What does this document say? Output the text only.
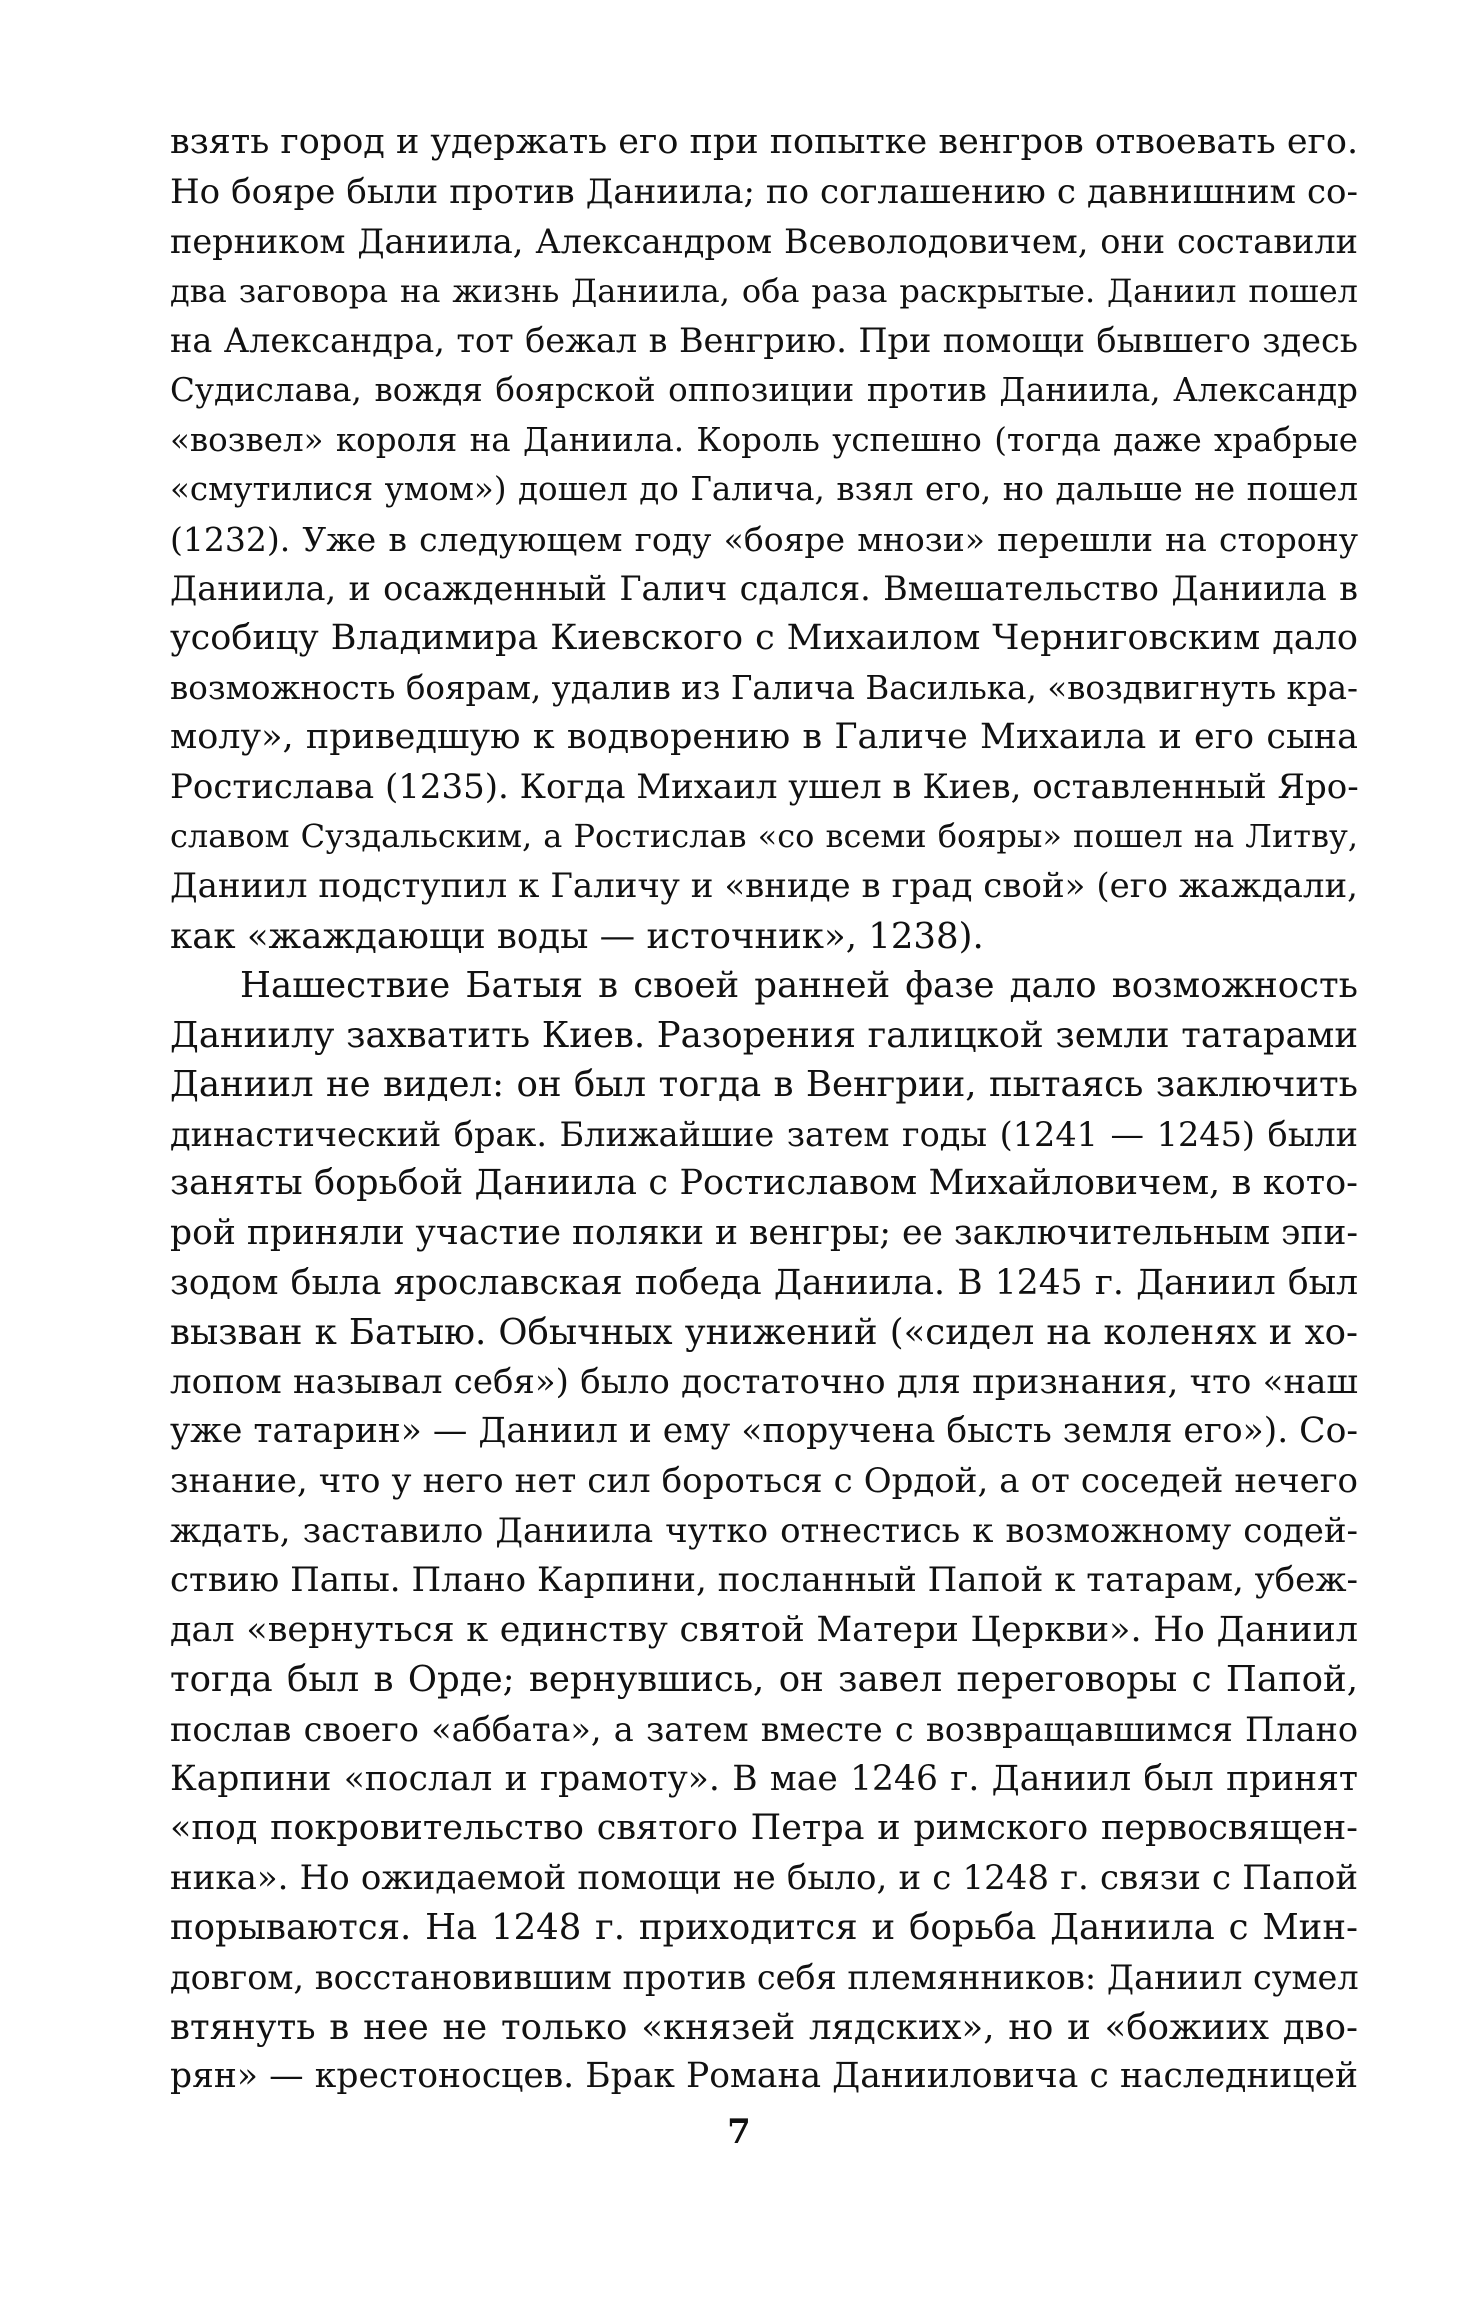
взять город и удержать его при попытке венгров отвоевать его.
Но бояре были против Даниила; по соглашению с давнишним со-
перником Даниила, Александром Всеволодовичем, они составили
два заговора на жизнь Даниила, оба раза раскрытые. Даниил пошел
на Александра, тот бежал в Венгрию. При помощи бывшего здесь
Судислава, вождя боярской оппозиции против Даниила, Александр
«возвел» короля на Даниила. Король успешно (тогда даже храбрые
«смутилися умом») дошел до Галича, взял его, но дальше не пошел
(1232). Уже в следующем году «бояре мнози» перешли на сторону
Даниила, и осажденный Галич сдался. Вмешательство Даниила в
усобицу Владимира Киевского с Михаилом Черниговским дало
возможность боярам, удалив из Галича Василька, «воздвигнуть кра-
молу», приведшую к водворению в Галиче Михаила и его сына
Ростислава (1235). Когда Михаил ушел в Киев, оставленный Яро-
славом Суздальским, а Ростислав «со всеми бояры» пошел на Литву,
Даниил подступил к Галичу и «вниде в град свой» (его жаждали,
как «жаждающи воды — источник», 1238).
Нашествие Батыя в своей ранней фазе дало возможность
Даниилу захватить Киев. Разорения галицкой земли татарами
Даниил не видел: он был тогда в Венгрии, пытаясь заключить
династический брак. Ближайшие затем годы (1241 — 1245) были
заняты борьбой Даниила с Ростиславом Михайловичем, в кото-
рой приняли участие поляки и венгры; ее заключительным эпи-
зодом была ярославская победа Даниила. В 1245 г. Даниил был
вызван к Батыю. Обычных унижений («сидел на коленях и хо-
лопом называл себя») было достаточно для признания, что «наш
уже татарин» — Даниил и ему «поручена бысть земля его»). Со-
знание, что у него нет сил бороться с Ордой, а от соседей нечего
ждать, заставило Даниила чутко отнестись к возможному содей-
ствию Папы. Плано Карпини, посланный Папой к татарам, убеж-
дал «вернуться к единству святой Матери Церкви». Но Даниил
тогда был в Орде; вернувшись, он завел переговоры с Папой,
послав своего «аббата», а затем вместе с возвращавшимся Плано
Карпини «послал и грамоту». В мае 1246 г. Даниил был принят
«под покровительство святого Петра и римского первосвящен-
ника». Но ожидаемой помощи не было, и с 1248 г. связи с Папой
порываются. На 1248 г. приходится и борьба Даниила с Мин-
довгом, восстановившим против себя племянников: Даниил сумел
втянуть в нее не только «князей лядских», но и «божиих дво-
рян» — крестоносцев. Брак Романа Данииловича с наследницей
7
